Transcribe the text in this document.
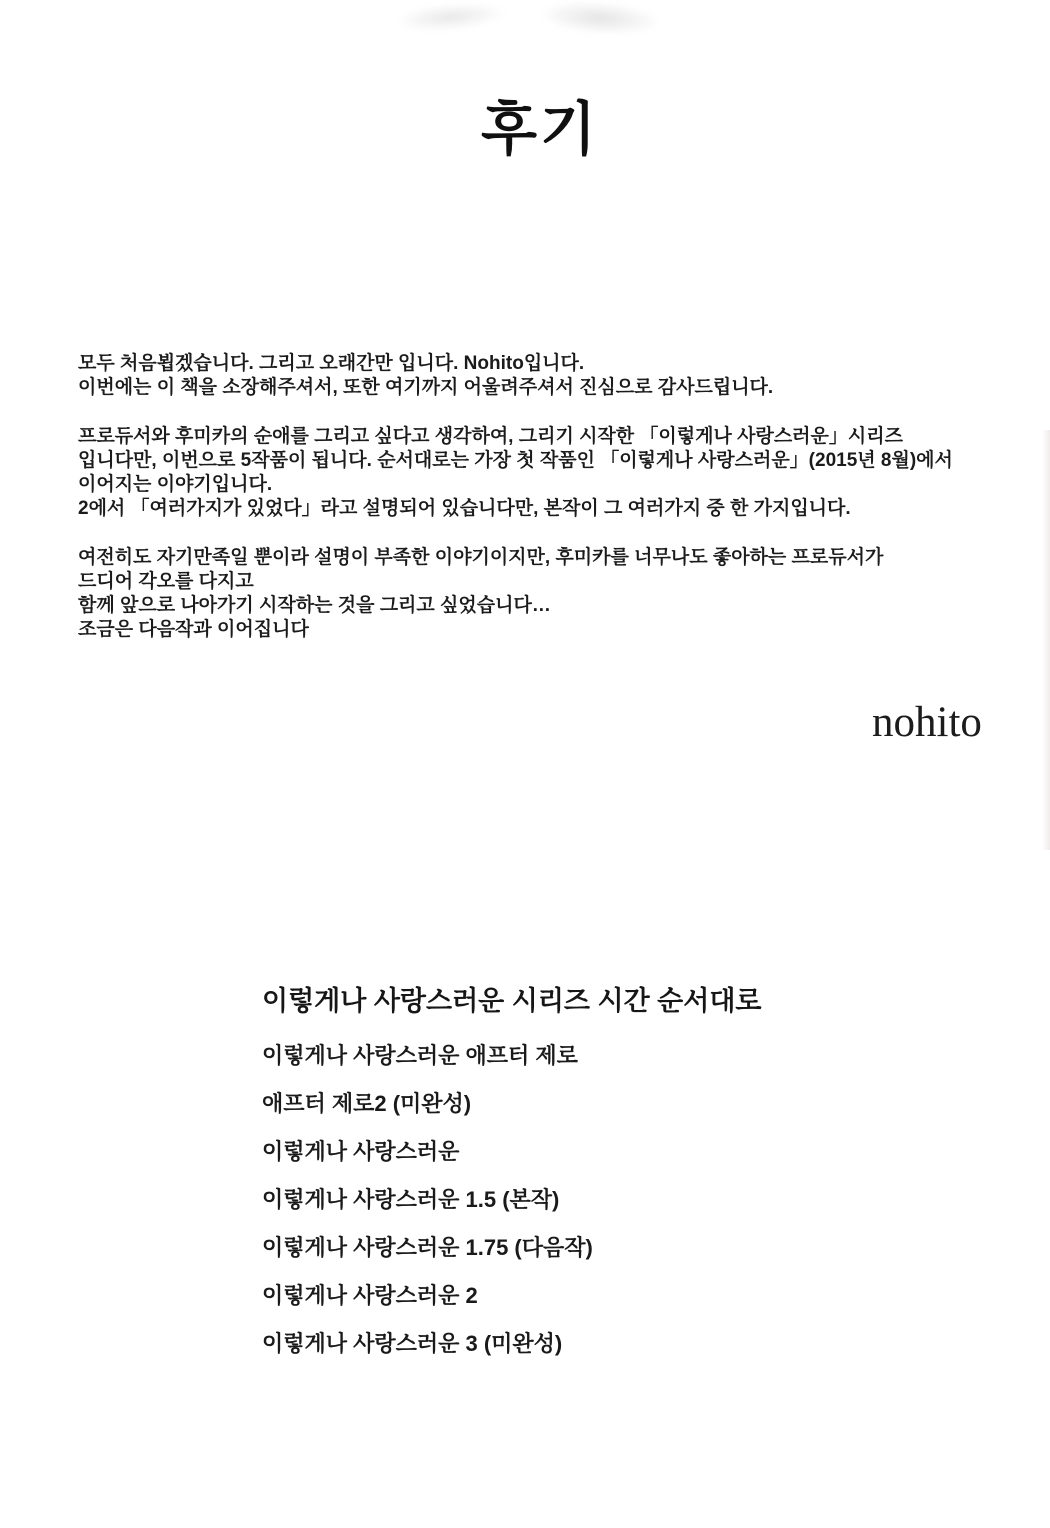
후기
모두 처음뵙겠습니다. 그리고 오래간만 입니다. Nohito입니다.
이번에는 이 책을 소장해주셔서, 또한 여기까지 어울려주셔서 진심으로 감사드립니다.
프로듀서와 후미카의 순애를 그리고 싶다고 생각하여, 그리기 시작한 「이렇게나 사랑스러운」시리즈
입니다만, 이번으로 5작품이 됩니다. 순서대로는 가장 첫 작품인 「이렇게나 사랑스러운」(2015년 8월)에서
이어지는 이야기입니다.
2에서 「여러가지가 있었다」라고 설명되어 있습니다만, 본작이 그 여러가지 중 한 가지입니다.
여전히도 자기만족일 뿐이라 설명이 부족한 이야기이지만, 후미카를 너무나도 좋아하는 프로듀서가
드디어 각오를 다지고
함께 앞으로 나아가기 시작하는 것을 그리고 싶었습니다…
조금은 다음작과 이어집니다
nohito
이렇게나 사랑스러운 시리즈 시간 순서대로
이렇게나 사랑스러운 애프터 제로
애프터 제로2 (미완성)
이렇게나 사랑스러운
이렇게나 사랑스러운 1.5 (본작)
이렇게나 사랑스러운 1.75 (다음작)
이렇게나 사랑스러운 2
이렇게나 사랑스러운 3 (미완성)
